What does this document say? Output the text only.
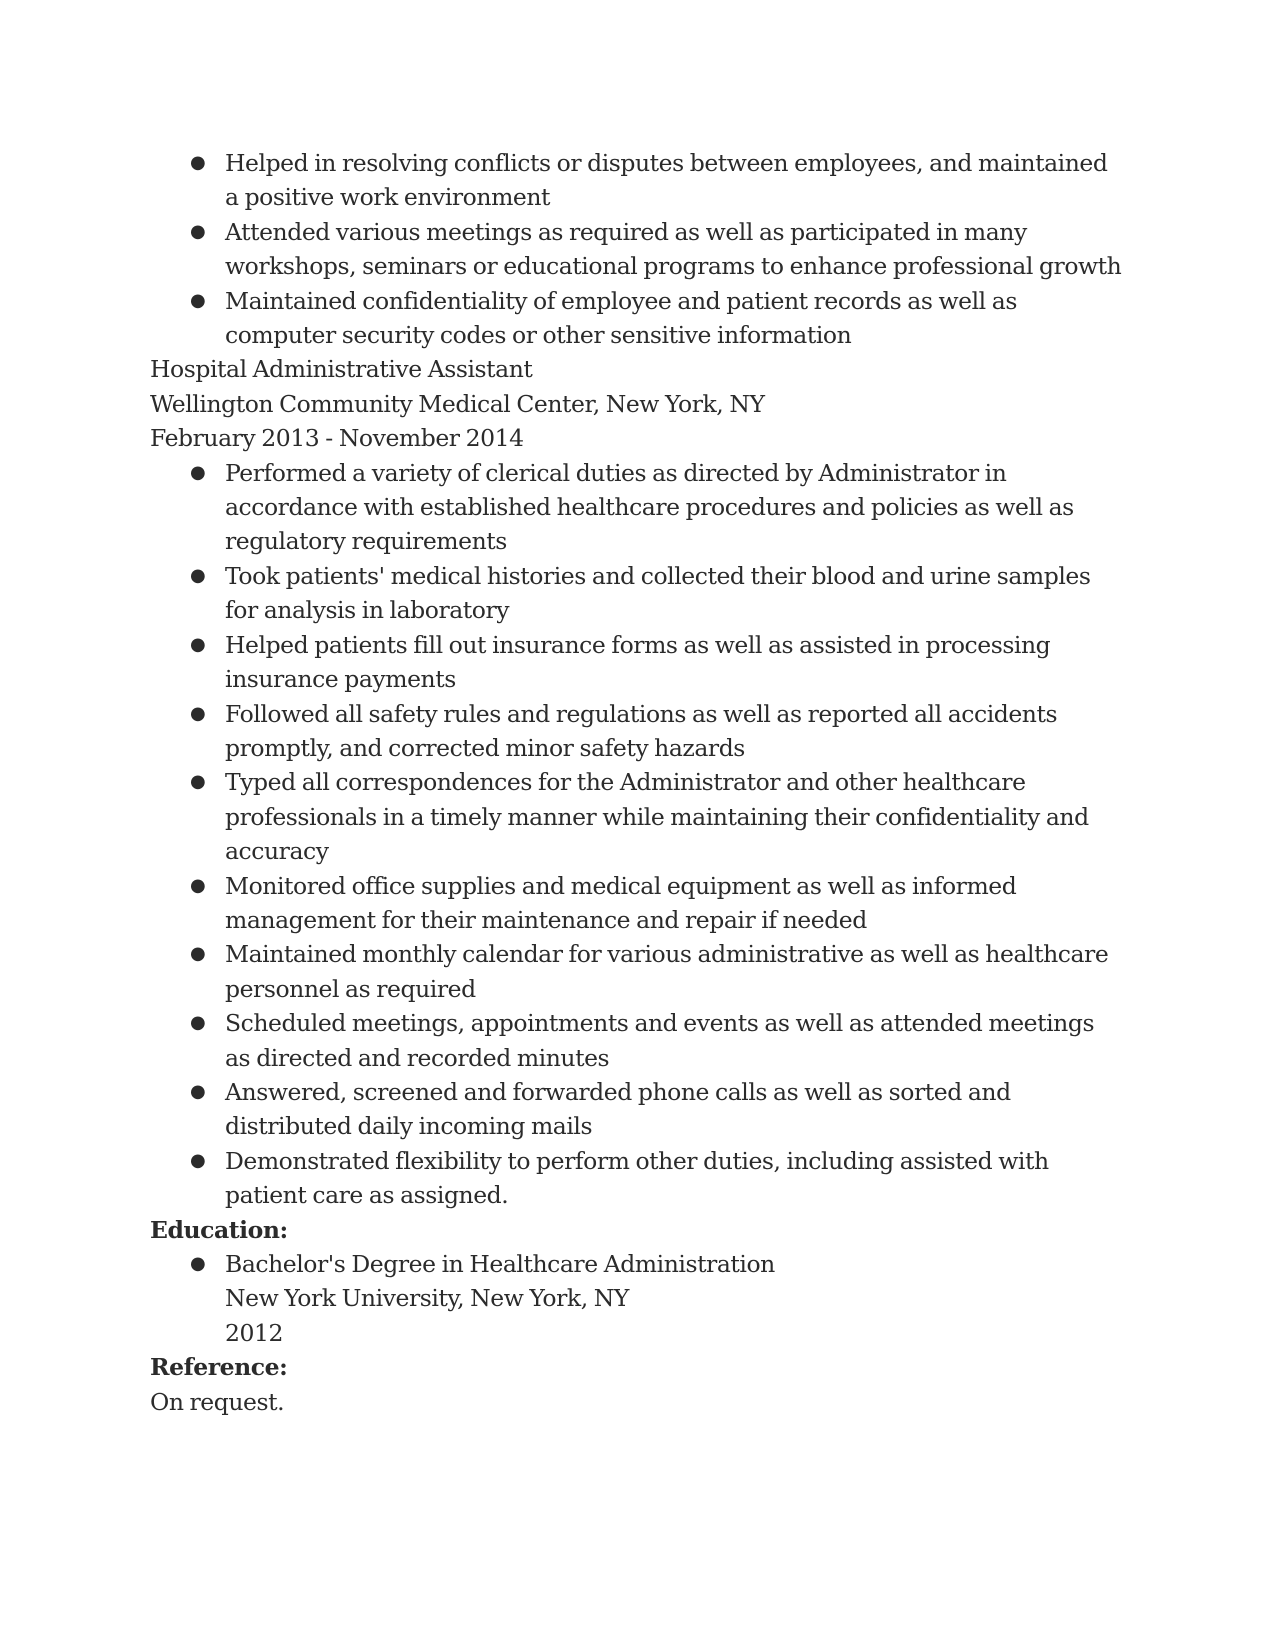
● Helped in resolving conflicts or disputes between employees, and maintained a positive work environment
● Attended various meetings as required as well as participated in many workshops, seminars or educational programs to enhance professional growth
● Maintained confidentiality of employee and patient records as well as computer security codes or other sensitive information
Hospital Administrative Assistant
Wellington Community Medical Center, New York, NY
February 2013 - November 2014
● Performed a variety of clerical duties as directed by Administrator in accordance with established healthcare procedures and policies as well as regulatory requirements
● Took patients' medical histories and collected their blood and urine samples for analysis in laboratory
● Helped patients fill out insurance forms as well as assisted in processing insurance payments
● Followed all safety rules and regulations as well as reported all accidents promptly, and corrected minor safety hazards
● Typed all correspondences for the Administrator and other healthcare professionals in a timely manner while maintaining their confidentiality and accuracy
● Monitored office supplies and medical equipment as well as informed management for their maintenance and repair if needed
● Maintained monthly calendar for various administrative as well as healthcare personnel as required
● Scheduled meetings, appointments and events as well as attended meetings as directed and recorded minutes
● Answered, screened and forwarded phone calls as well as sorted and distributed daily incoming mails
● Demonstrated flexibility to perform other duties, including assisted with patient care as assigned.
Education:
● Bachelor's Degree in Healthcare Administration
New York University, New York, NY
2012
Reference:
On request.
